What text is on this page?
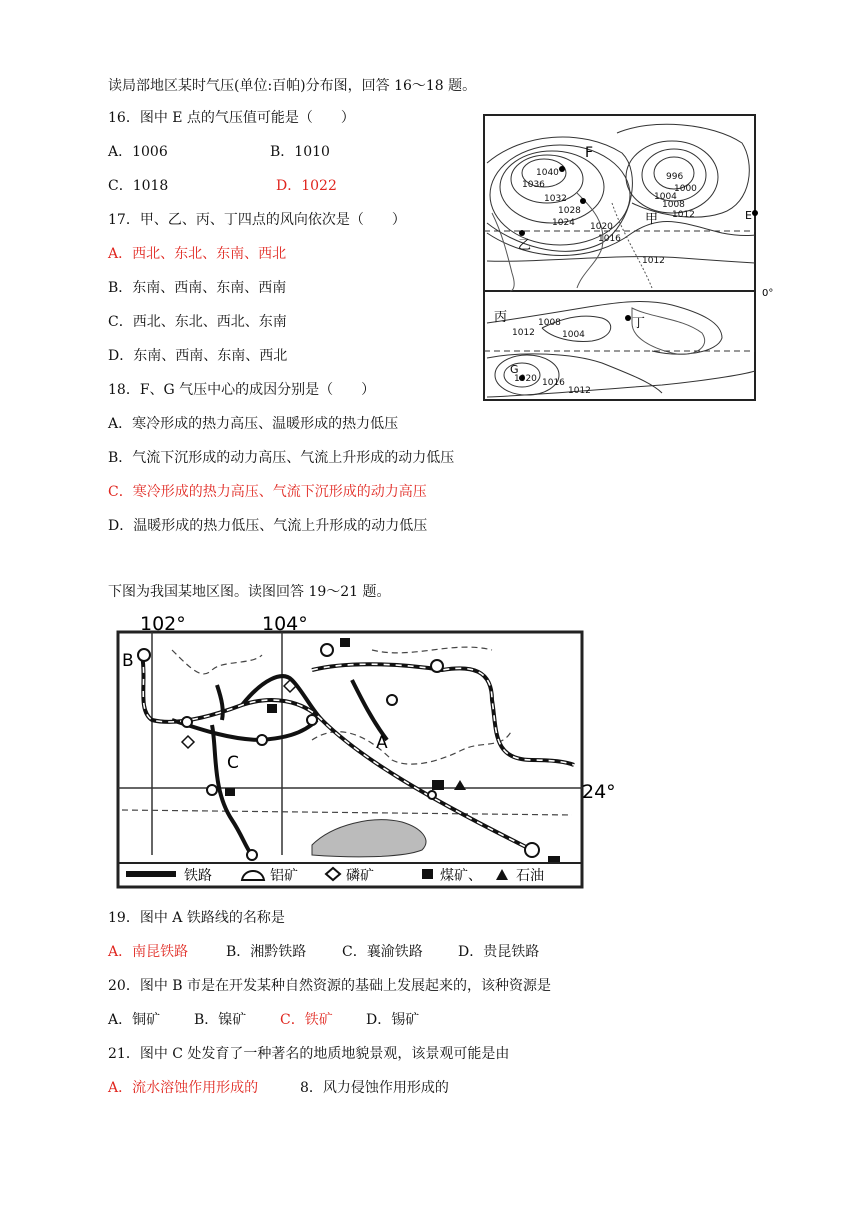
读局部地区某时气压(单位:百帕)分布图，回答 16～18 题。
16．图中 E 点的气压值可能是（　　）
A．1006	B．1010
C．1018	D．1022
17．甲、乙、丙、丁四点的风向依次是（　　）
A．西北、东北、东南、西北
B．东南、西南、东南、西南
C．西北、东北、西北、东南
D．东南、西南、东南、西北
18．F、G 气压中心的成因分别是（　　）
A．寒冷形成的热力高压、温暖形成的热力低压
B．气流下沉形成的动力高压、气流上升形成的动力低压
C．寒冷形成的热力高压、气流下沉形成的动力高压
D．温暖形成的热力低压、气流上升形成的动力低压
F
E
甲
乙
丙	丁
G
0°
1040
1036
1032
1028
1024 1020
1016
1012
996
1000
1004
1008
1012
1012
1008
1004
1020 1016
1012
下图为我国某地区图。读图回答 19～21 题。
102°	104°
24°
B
C
A
铁路	铝矿	磷矿	煤矿、 石油
19．图中 A 铁路线的名称是
A．南昆铁路	B．湘黔铁路	C．襄渝铁路	D．贵昆铁路
20．图中 B 市是在开发某种自然资源的基础上发展起来的，该种资源是
A．铜矿 B．镍矿 C．铁矿 D．锡矿
21．图中 C 处发育了一种著名的地质地貌景观，该景观可能是由
A．流水溶蚀作用形成的	8．风力侵蚀作用形成的
